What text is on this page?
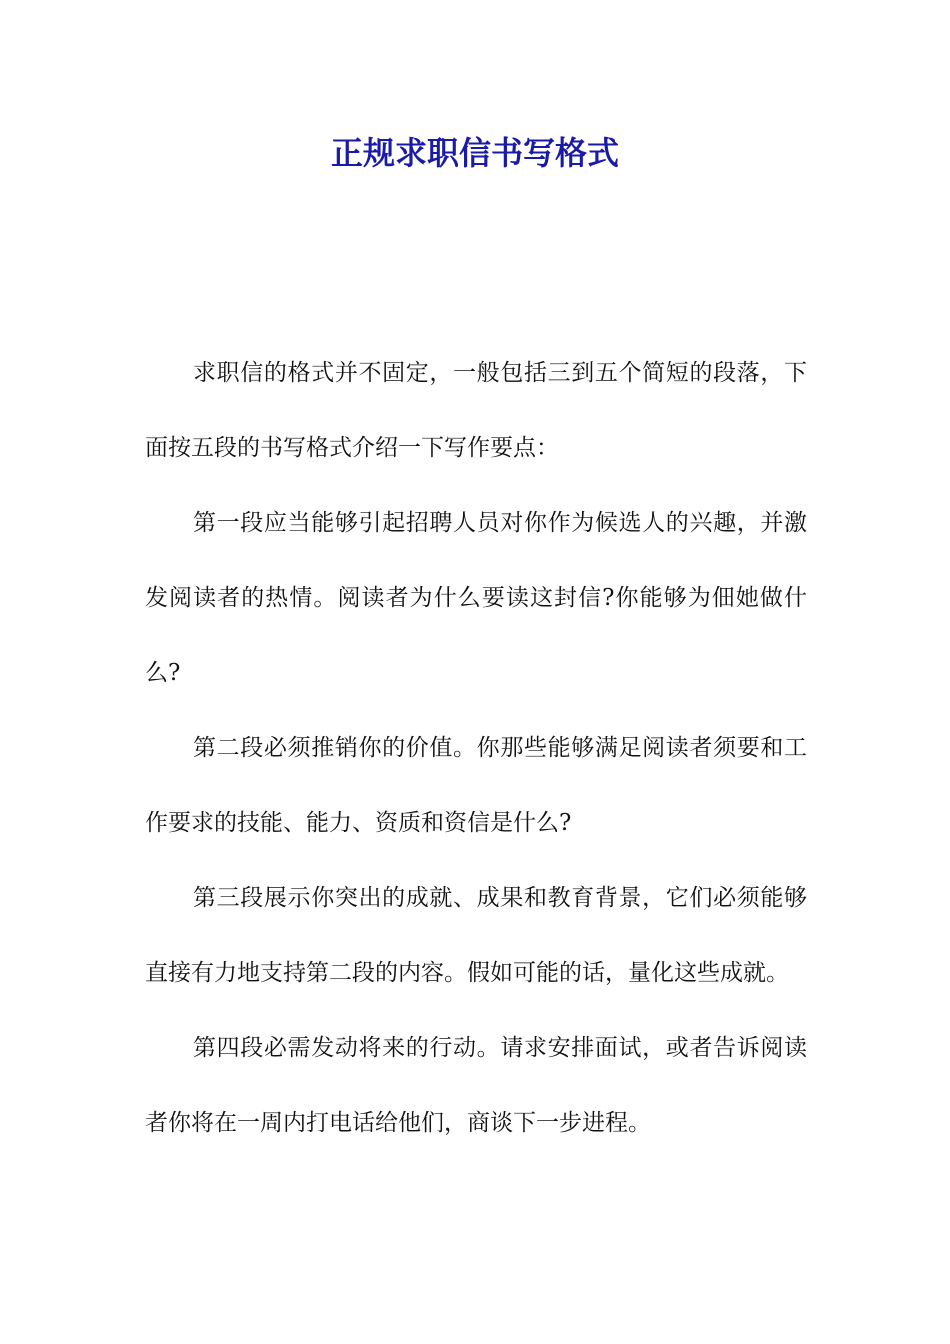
正规求职信书写格式

求职信的格式并不固定，一般包括三到五个简短的段落，下面按五段的书写格式介绍一下写作要点：

第一段应当能够引起招聘人员对你作为候选人的兴趣，并激发阅读者的热情。阅读者为什么要读这封信?你能够为佃她做什么?

第二段必须推销你的价值。你那些能够满足阅读者须要和工作要求的技能、能力、资质和资信是什么?

第三段展示你突出的成就、成果和教育背景，它们必须能够直接有力地支持第二段的内容。假如可能的话，量化这些成就。

第四段必需发动将来的行动。请求安排面试，或者告诉阅读者你将在一周内打电话给他们，商谈下一步进程。
